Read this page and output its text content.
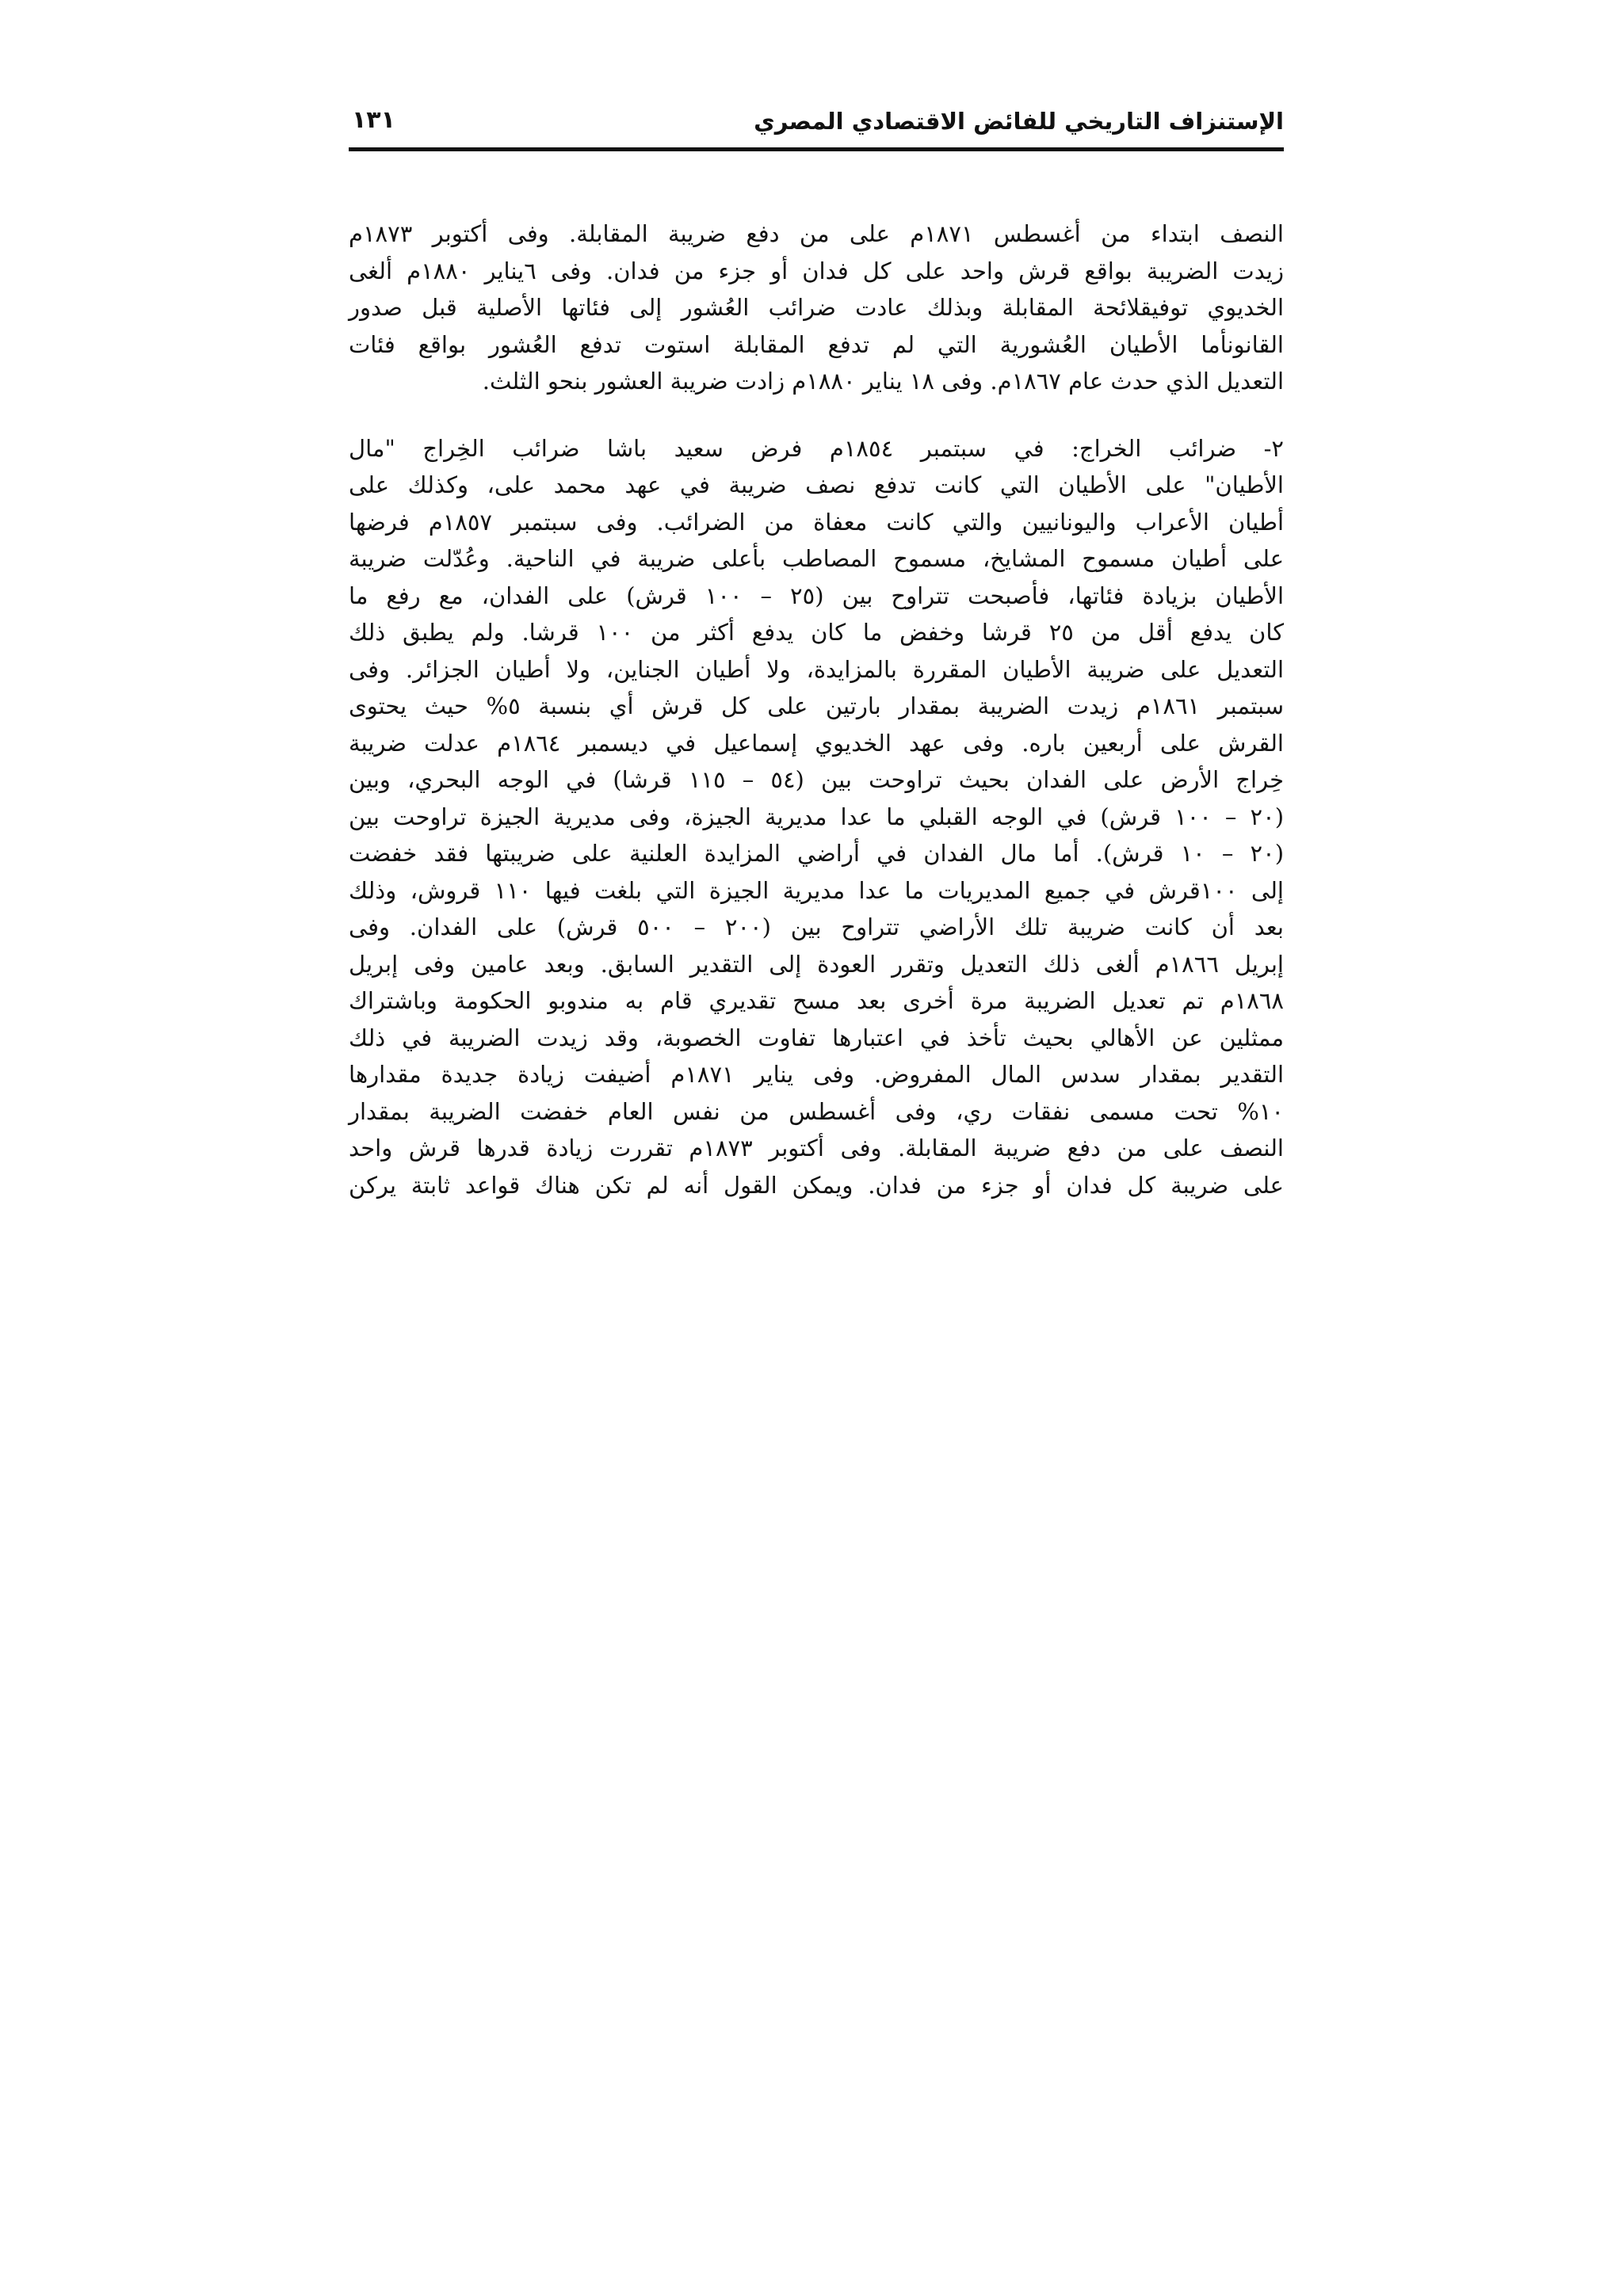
الإستنزاف التاريخي للفائض الاقتصادي المصري
١٣١
النصف ابتداء من أغسطس ١٨٧١م على من دفع ضريبة المقابلة. وفى أكتوبر ١٨٧٣م
زيدت الضريبة بواقع قرش واحد على كل فدان أو جزء من فدان. وفى ٦يناير ١٨٨٠م ألغى
الخديوي توفيقلائحة المقابلة وبذلك عادت ضرائب العُشور إلى فئاتها الأصلية قبل صدور
القانونأما الأطيان العُشورية التي لم تدفع المقابلة استوت تدفع العُشور بواقع فئات
التعديل الذي حدث عام ١٨٦٧م. وفى ١٨ يناير ١٨٨٠م زادت ضريبة العشور بنحو الثلث.
٢- ضرائب الخراج: في سبتمبر ١٨٥٤م فرض سعيد باشا ضرائب الخِراج "مال
الأطيان" على الأطيان التي كانت تدفع نصف ضريبة في عهد محمد على، وكذلك على
أطيان الأعراب واليونانيين والتي كانت معفاة من الضرائب. وفى سبتمبر ١٨٥٧م فرضها
على أطيان مسموح المشايخ، مسموح المصاطب بأعلى ضريبة في الناحية. وعُدّلت ضريبة
الأطيان بزيادة فئاتها، فأصبحت تتراوح بين (٢٥ – ١٠٠ قرش) على الفدان، مع رفع ما
كان يدفع أقل من ٢٥ قرشا وخفض ما كان يدفع أكثر من ١٠٠ قرشا. ولم يطبق ذلك
التعديل على ضريبة الأطيان المقررة بالمزايدة، ولا أطيان الجناين، ولا أطيان الجزائر. وفى
سبتمبر ١٨٦١م زيدت الضريبة بمقدار بارتين على كل قرش أي بنسبة ٥% حيث يحتوى
القرش على أربعين باره. وفى عهد الخديوي إسماعيل في ديسمبر ١٨٦٤م عدلت ضريبة
خِراج الأرض على الفدان بحيث تراوحت بين (٥٤ – ١١٥ قرشا) في الوجه البحري، وبين
(٢٠ – ١٠٠ قرش) في الوجه القبلي ما عدا مديرية الجيزة، وفى مديرية الجيزة تراوحت بين
(٢٠ – ١٠ قرش). أما مال الفدان في أراضي المزايدة العلنية على ضريبتها فقد خفضت
إلى ١٠٠قرش في جميع المديريات ما عدا مديرية الجيزة التي بلغت فيها ١١٠ قروش، وذلك
بعد أن كانت ضريبة تلك الأراضي تتراوح بين (٢٠٠ – ٥٠٠ قرش) على الفدان. وفى
إبريل ١٨٦٦م ألغى ذلك التعديل وتقرر العودة إلى التقدير السابق. وبعد عامين وفى إبريل
١٨٦٨م تم تعديل الضريبة مرة أخرى بعد مسح تقديري قام به مندوبو الحكومة وباشتراك
ممثلين عن الأهالي بحيث تأخذ في اعتبارها تفاوت الخصوبة، وقد زيدت الضريبة في ذلك
التقدير بمقدار سدس المال المفروض. وفى يناير ١٨٧١م أضيفت زيادة جديدة مقدارها
١٠% تحت مسمى نفقات ري، وفى أغسطس من نفس العام خفضت الضريبة بمقدار
النصف على من دفع ضريبة المقابلة. وفى أكتوبر ١٨٧٣م تقررت زيادة قدرها قرش واحد
على ضريبة كل فدان أو جزء من فدان. ويمكن القول أنه لم تكن هناك قواعد ثابتة يركن
